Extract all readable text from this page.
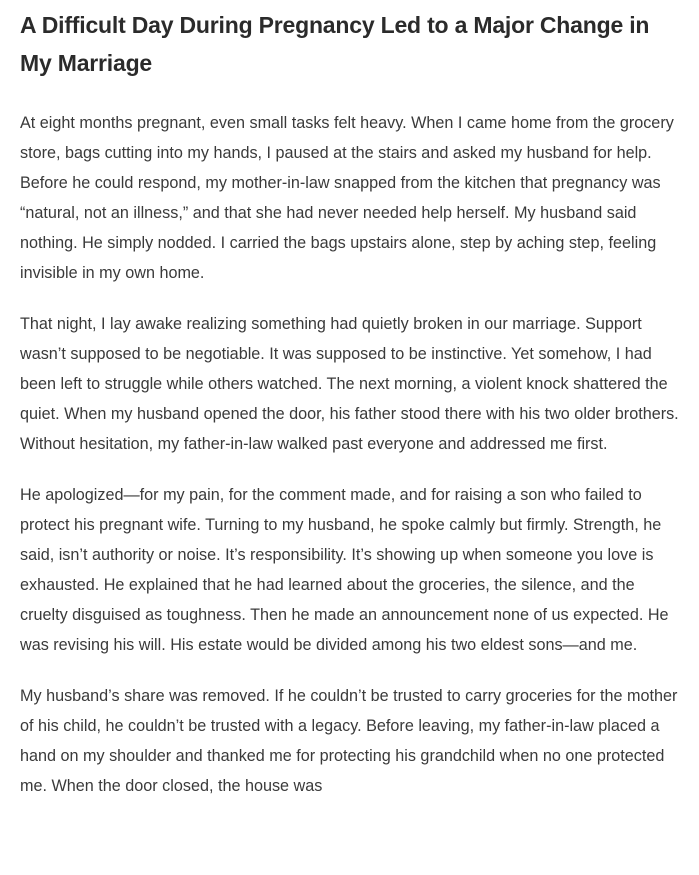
A Difficult Day During Pregnancy Led to a Major Change in My Marriage

At eight months pregnant, even small tasks felt heavy. When I came home from the grocery store, bags cutting into my hands, I paused at the stairs and asked my husband for help. Before he could respond, my mother-in-law snapped from the kitchen that pregnancy was “natural, not an illness,” and that she had never needed help herself. My husband said nothing. He simply nodded. I carried the bags upstairs alone, step by aching step, feeling invisible in my own home.

That night, I lay awake realizing something had quietly broken in our marriage. Support wasn’t supposed to be negotiable. It was supposed to be instinctive. Yet somehow, I had been left to struggle while others watched. The next morning, a violent knock shattered the quiet. When my husband opened the door, his father stood there with his two older brothers. Without hesitation, my father-in-law walked past everyone and addressed me first.

He apologized—for my pain, for the comment made, and for raising a son who failed to protect his pregnant wife. Turning to my husband, he spoke calmly but firmly. Strength, he said, isn’t authority or noise. It’s responsibility. It’s showing up when someone you love is exhausted. He explained that he had learned about the groceries, the silence, and the cruelty disguised as toughness. Then he made an announcement none of us expected. He was revising his will. His estate would be divided among his two eldest sons—and me.

My husband’s share was removed. If he couldn’t be trusted to carry groceries for the mother of his child, he couldn’t be trusted with a legacy. Before leaving, my father-in-law placed a hand on my shoulder and thanked me for protecting his grandchild when no one protected me. When the door closed, the house was
